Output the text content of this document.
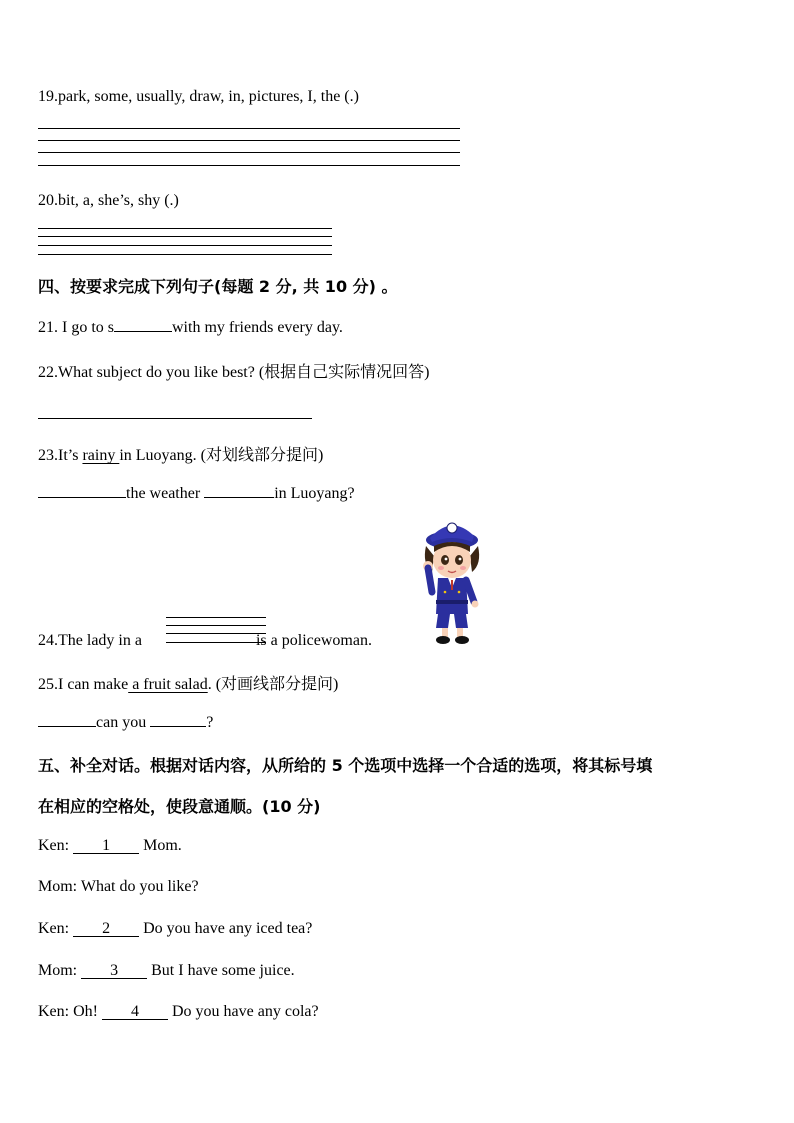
19.park, some, usually, draw, in, pictures, I, the (.)
20.bit, a, she’s, shy (.)
四、按要求完成下列句子(每题 2 分, 共 10 分) 。
21. I go to s	with my friends every day.
22.What subject do you like best? (根据自己实际情况回答)
23.It’s rainy in Luoyang. (对划线部分提问)
the weather	in Luoyang?
24.The lady in a	is a policewoman.
25.I can make a fruit salad. (对画线部分提问)
can you	?
五、补全对话。根据对话内容，从所给的 5 个选项中选择一个合适的选项，将其标号填
在相应的空格处，使段意通顺。(10 分)
Ken: 1 Mom.
Mom: What do you like?
Ken: 2 Do you have any iced tea?
Mom: 3 But I have some juice.
Ken: Oh! 4 Do you have any cola?
